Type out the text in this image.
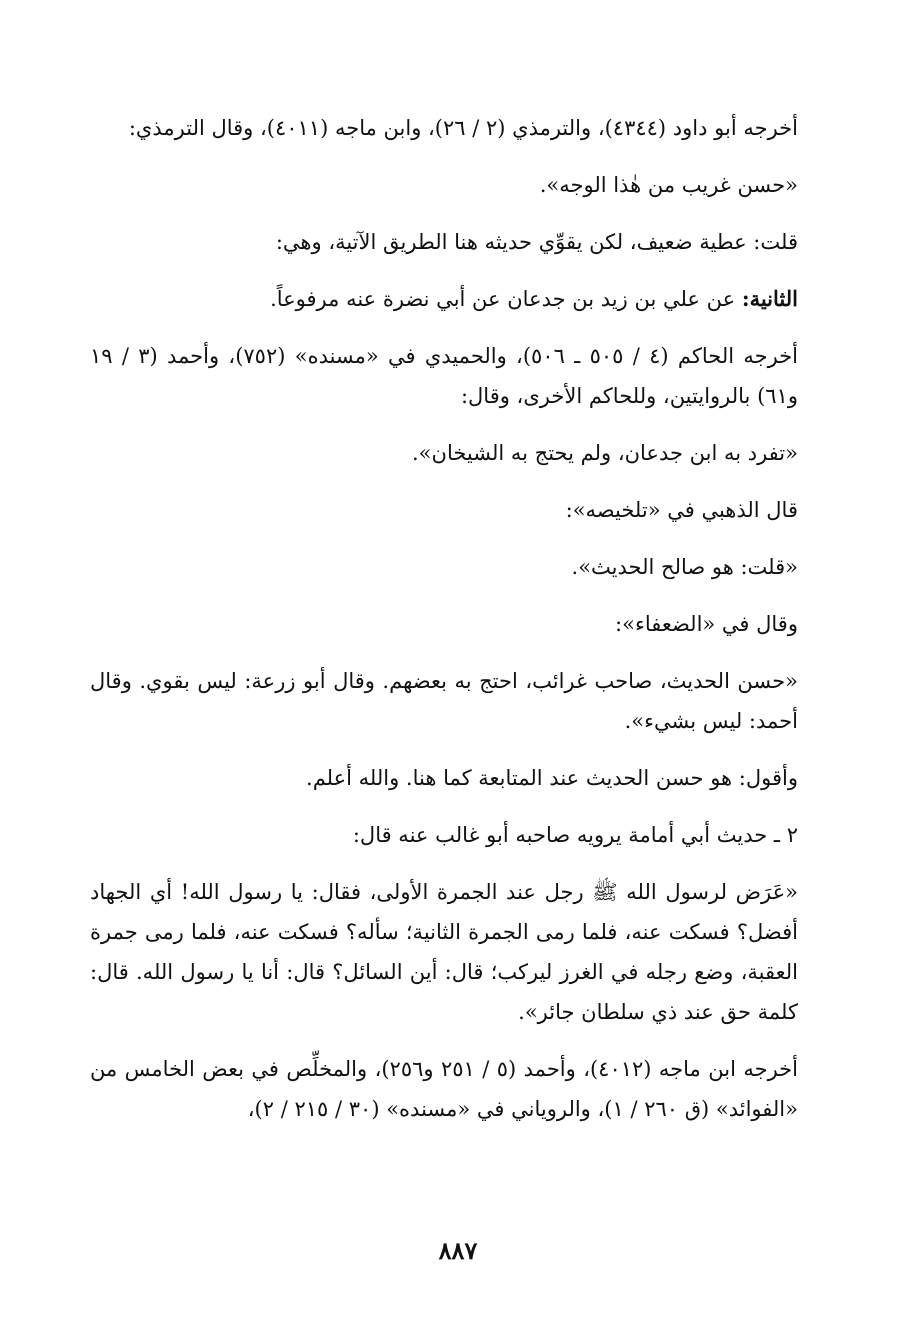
أخرجه أبو داود (٤٣٤٤)، والترمذي (٢ / ٢٦)، وابن ماجه (٤٠١١)، وقال الترمذي:

«حسن غريب من هٰذا الوجه».

قلت: عطية ضعيف، لكن يقوِّي حديثه هنا الطريق الآتية، وهي:

الثانية: عن علي بن زيد بن جدعان عن أبي نضرة عنه مرفوعاً.

أخرجه الحاكم (٤ / ٥٠٥ ـ ٥٠٦)، والحميدي في «مسنده» (٧٥٢)، وأحمد (٣ / ١٩ و٦١) بالروايتين، وللحاكم الأخرى، وقال:

«تفرد به ابن جدعان، ولم يحتج به الشيخان».

قال الذهبي في «تلخيصه»:

«قلت: هو صالح الحديث».

وقال في «الضعفاء»:

«حسن الحديث، صاحب غرائب، احتج به بعضهم. وقال أبو زرعة: ليس بقوي. وقال أحمد: ليس بشيء».

وأقول: هو حسن الحديث عند المتابعة كما هنا. والله أعلم.

٢ ـ حديث أبي أمامة يرويه صاحبه أبو غالب عنه قال:

«عَرَض لرسول الله ﷺ رجل عند الجمرة الأولى، فقال: يا رسول الله! أي الجهاد أفضل؟ فسكت عنه، فلما رمى الجمرة الثانية؛ سأله؟ فسكت عنه، فلما رمى جمرة العقبة، وضع رجله في الغرز ليركب؛ قال: أين السائل؟ قال: أنا يا رسول الله. قال: كلمة حق عند ذي سلطان جائر».

أخرجه ابن ماجه (٤٠١٢)، وأحمد (٥ / ٢٥١ و٢٥٦)، والمخلِّص في بعض الخامس من «الفوائد» (ق ٢٦٠ / ١)، والروياني في «مسنده» (٣٠ / ٢١٥ / ٢)،

٨٨٧
